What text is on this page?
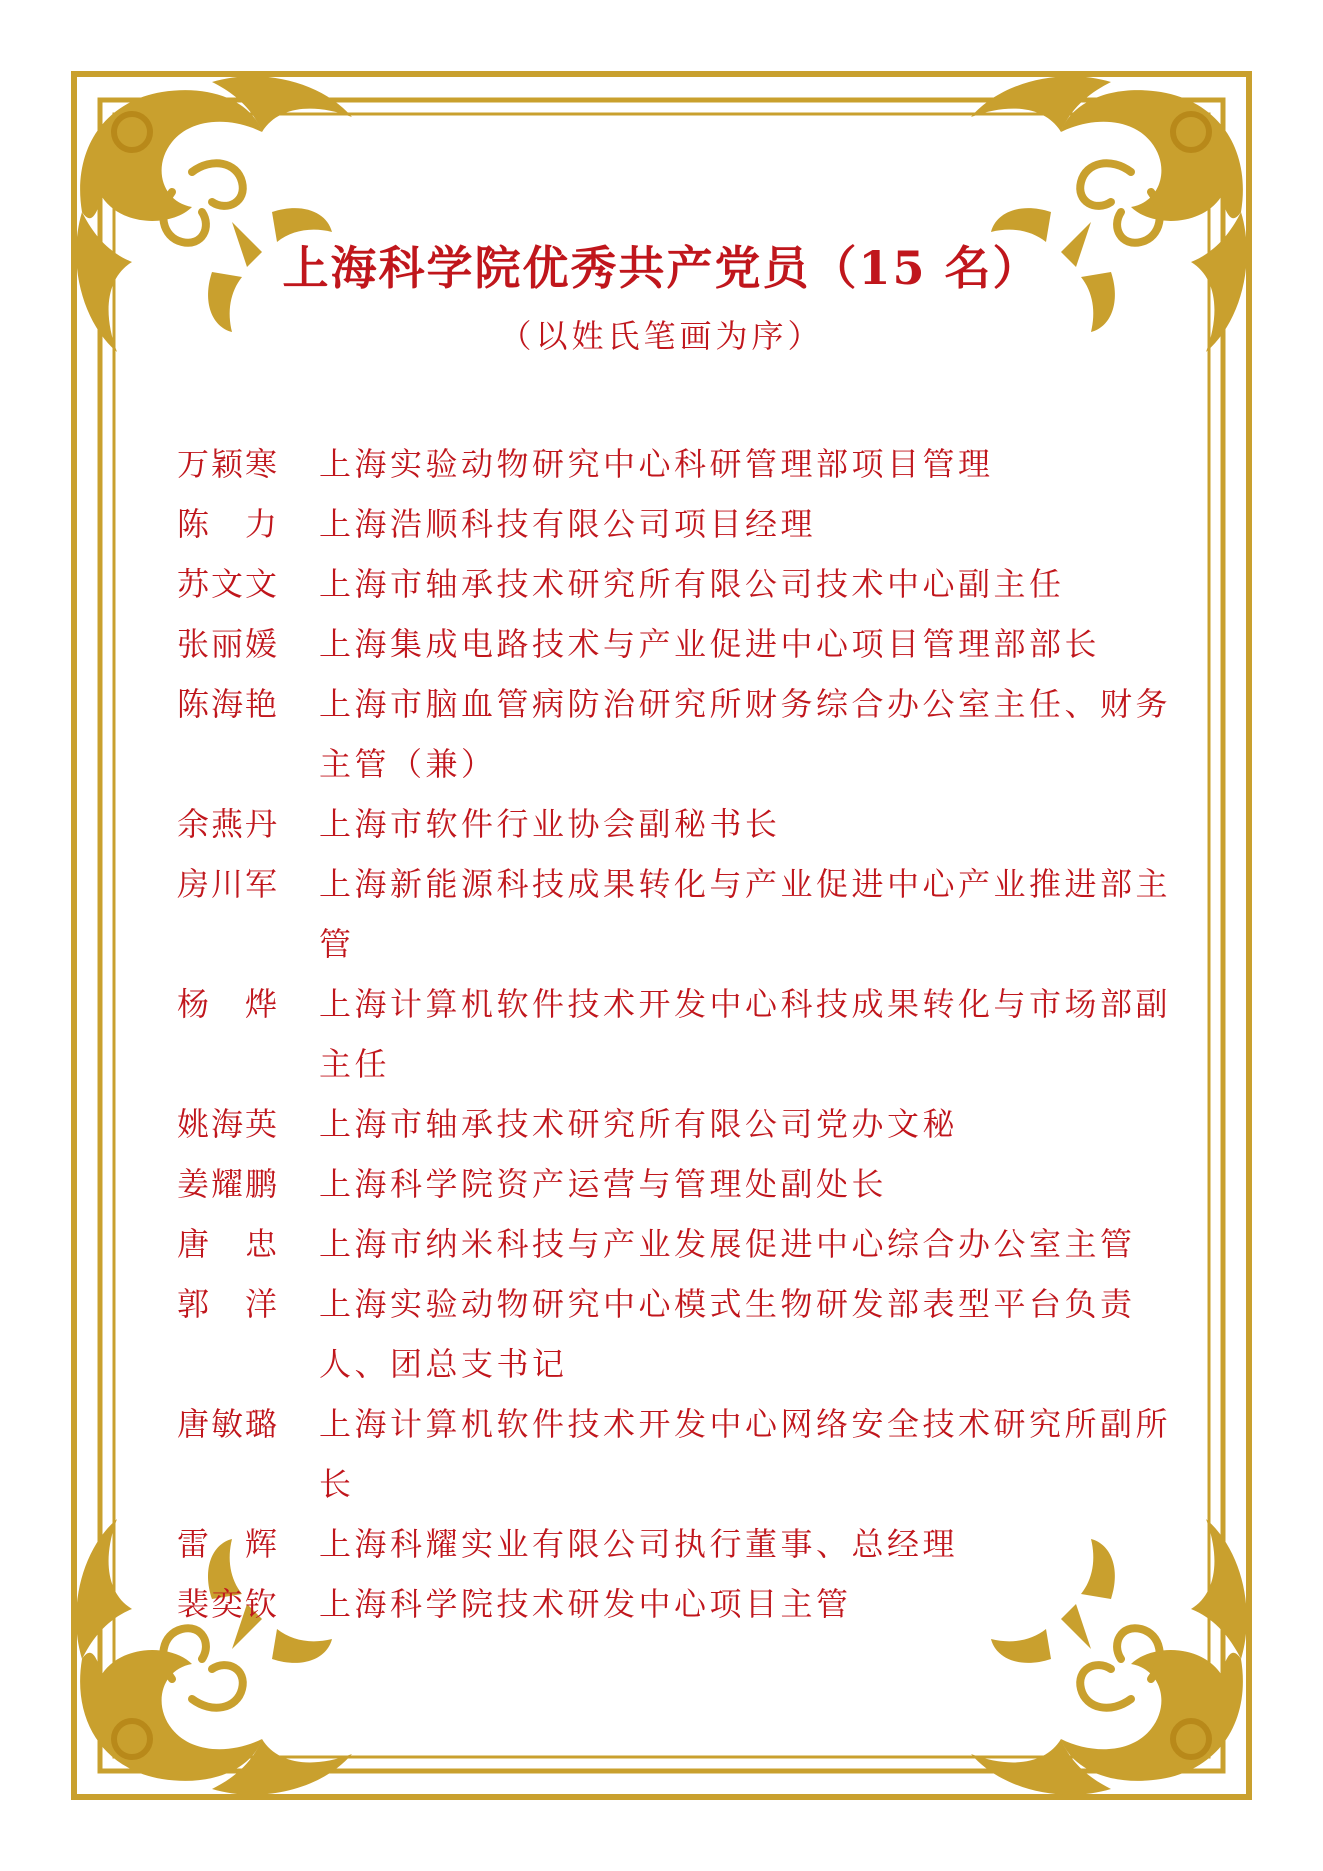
上海科学院优秀共产党员（15 名）
（以姓氏笔画为序）
万颖寒	上海实验动物研究中心科研管理部项目管理
陈　力	上海浩顺科技有限公司项目经理
苏文文	上海市轴承技术研究所有限公司技术中心副主任
张丽媛	上海集成电路技术与产业促进中心项目管理部部长
陈海艳	上海市脑血管病防治研究所财务综合办公室主任、财务主管（兼）
余燕丹	上海市软件行业协会副秘书长
房川军	上海新能源科技成果转化与产业促进中心产业推进部主管
杨　烨	上海计算机软件技术开发中心科技成果转化与市场部副主任
姚海英	上海市轴承技术研究所有限公司党办文秘
姜耀鹏	上海科学院资产运营与管理处副处长
唐　忠	上海市纳米科技与产业发展促进中心综合办公室主管
郭　洋	上海实验动物研究中心模式生物研发部表型平台负责人、团总支书记
唐敏璐	上海计算机软件技术开发中心网络安全技术研究所副所长
雷　辉	上海科耀实业有限公司执行董事、总经理
裴奕钦	上海科学院技术研发中心项目主管
